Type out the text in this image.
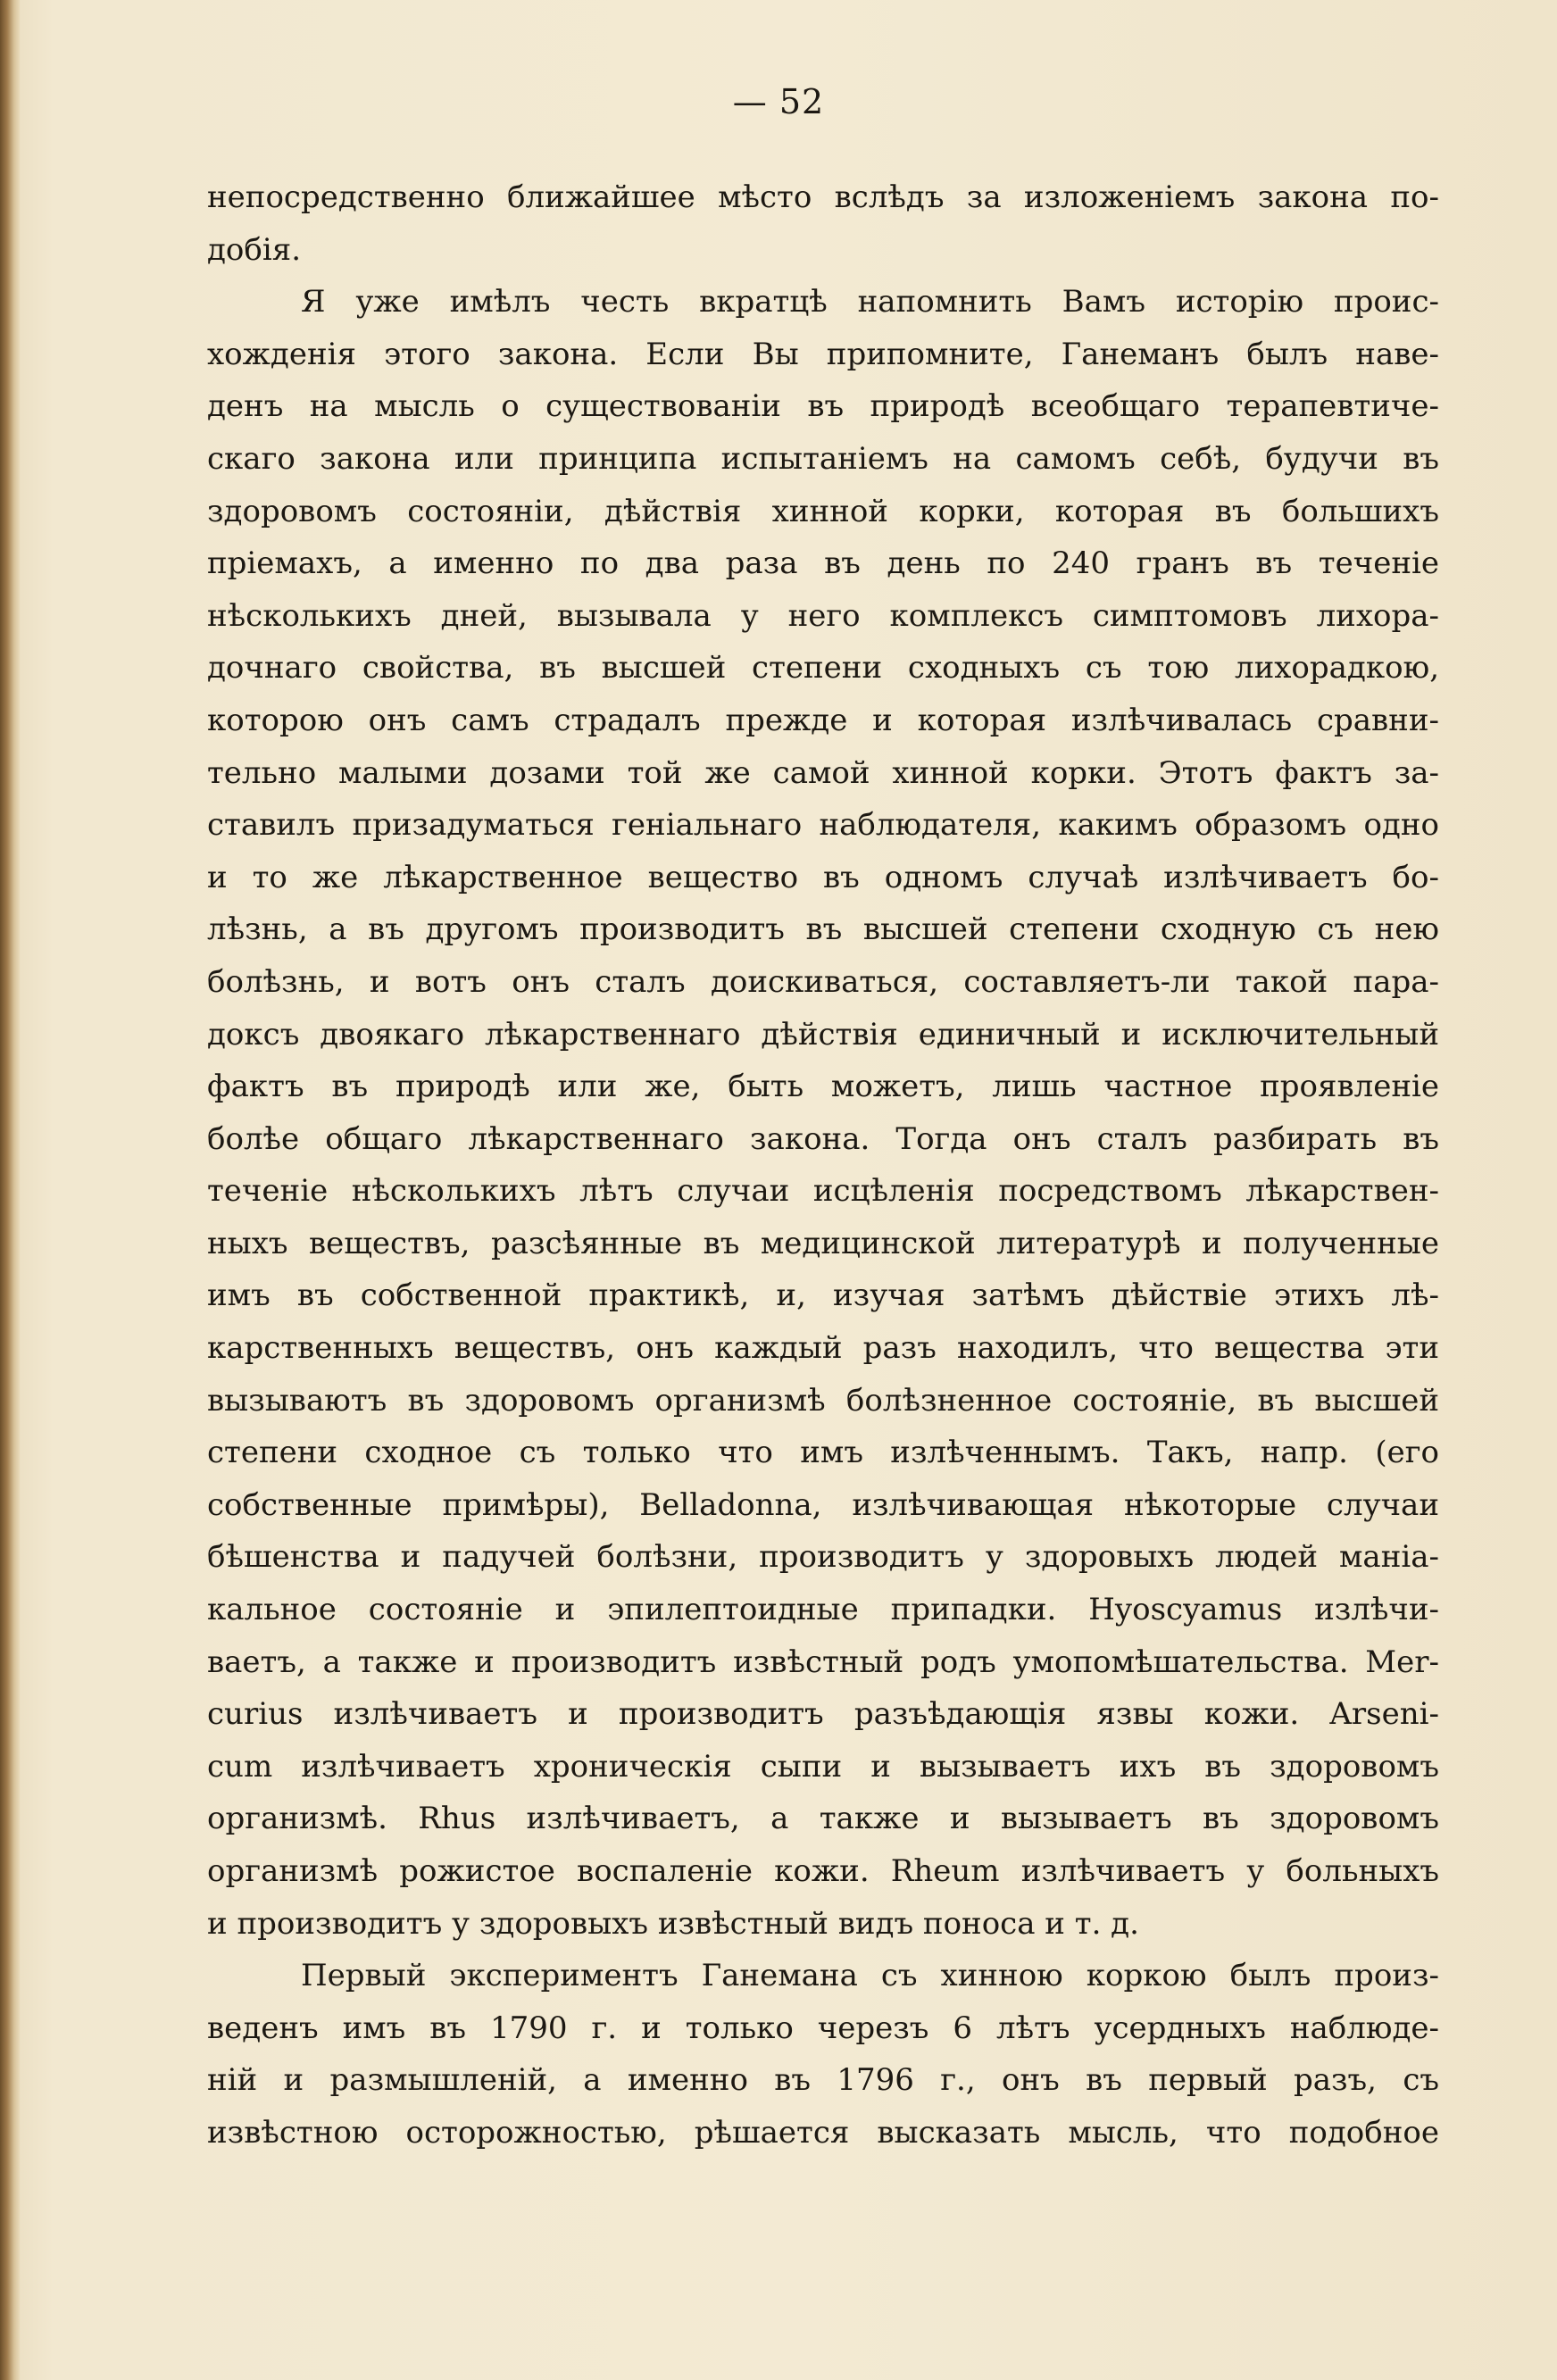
— 52
непосредственно ближайшее мѣсто вслѣдъ за изложеніемъ закона по-
добія.
Я уже имѣлъ честь вкратцѣ напомнить Вамъ исторію проис-
хожденія этого закона. Если Вы припомните, Ганеманъ былъ наве-
денъ на мысль о существованіи въ природѣ всеобщаго терапевтиче-
скаго закона или принципа испытаніемъ на самомъ себѣ, будучи въ
здоровомъ состояніи, дѣйствія хинной корки, которая въ большихъ
пріемахъ, а именно по два раза въ день по 240 гранъ въ теченіе
нѣсколькихъ дней, вызывала у него комплексъ симптомовъ лихора-
дочнаго свойства, въ высшей степени сходныхъ съ тою лихорадкою,
которою онъ самъ страдалъ прежде и которая излѣчивалась сравни-
тельно малыми дозами той же самой хинной корки. Этотъ фактъ за-
ставилъ призадуматься геніальнаго наблюдателя, какимъ образомъ одно
и то же лѣкарственное вещество въ одномъ случаѣ излѣчиваетъ бо-
лѣзнь, а въ другомъ производитъ въ высшей степени сходную съ нею
болѣзнь, и вотъ онъ сталъ доискиваться, составляетъ-ли такой пара-
доксъ двоякаго лѣкарственнаго дѣйствія единичный и исключительный
фактъ въ природѣ или же, быть можетъ, лишь частное проявленіе
болѣе общаго лѣкарственнаго закона. Тогда онъ сталъ разбирать въ
теченіе нѣсколькихъ лѣтъ случаи исцѣленія посредствомъ лѣкарствен-
ныхъ веществъ, разсѣянные въ медицинской литературѣ и полученные
имъ въ собственной практикѣ, и, изучая затѣмъ дѣйствіе этихъ лѣ-
карственныхъ веществъ, онъ каждый разъ находилъ, что вещества эти
вызываютъ въ здоровомъ организмѣ болѣзненное состояніе, въ высшей
степени сходное съ только что имъ излѣченнымъ. Такъ, напр. (его
собственные примѣры), Belladonna, излѣчивающая нѣкоторые случаи
бѣшенства и падучей болѣзни, производитъ у здоровыхъ людей маніа-
кальное состояніе и эпилептоидные припадки. Hyoscyamus излѣчи-
ваетъ, а также и производитъ извѣстный родъ умопомѣшательства. Mer-
curius излѣчиваетъ и производитъ разъѣдающія язвы кожи. Arseni-
cum излѣчиваетъ хроническія сыпи и вызываетъ ихъ въ здоровомъ
организмѣ. Rhus излѣчиваетъ, а также и вызываетъ въ здоровомъ
организмѣ рожистое воспаленіе кожи. Rheum излѣчиваетъ у больныхъ
и производитъ у здоровыхъ извѣстный видъ поноса и т. д.
Первый экспериментъ Ганемана съ хинною коркою былъ произ-
веденъ имъ въ 1790 г. и только черезъ 6 лѣтъ усердныхъ наблюде-
ній и размышленій, а именно въ 1796 г., онъ въ первый разъ, съ
извѣстною осторожностью, рѣшается высказать мысль, что подобное
